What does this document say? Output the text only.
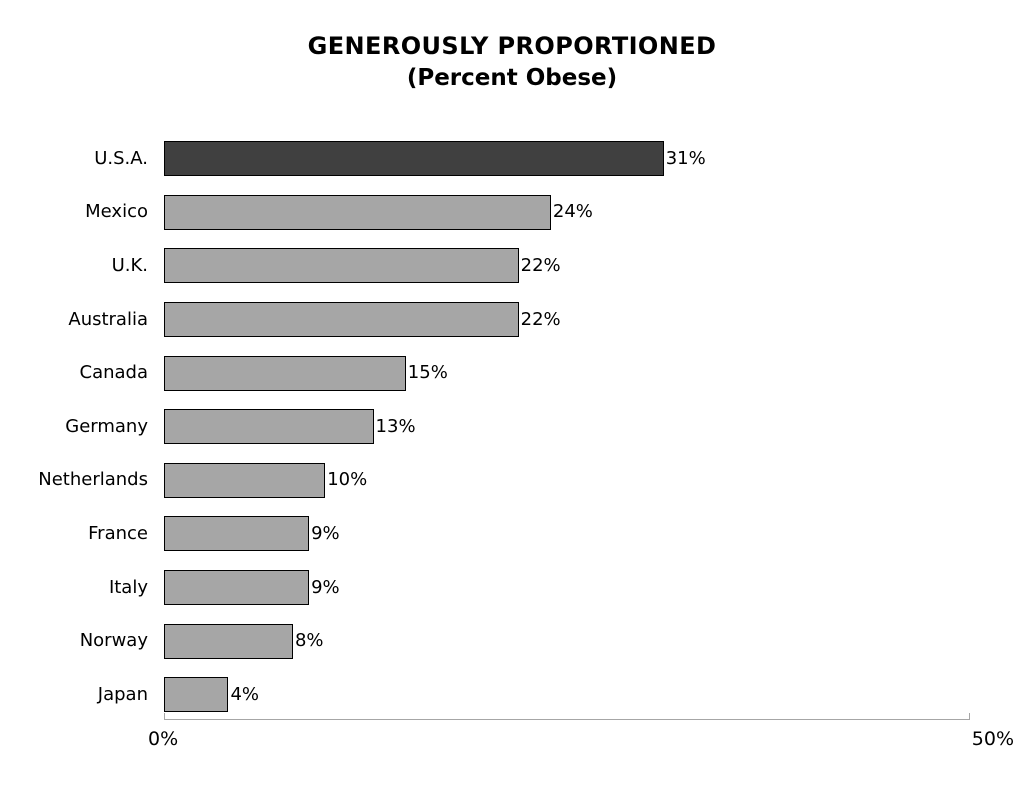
GENEROUSLY PROPORTIONED
(Percent Obese)
U.S.A.	31%
Mexico	24%
U.K.	22%
Australia	22%
Canada	15%
Germany	13%
Netherlands	10%
France	9%
Italy	9%
Norway	8%
Japan	4%
0%	50%
